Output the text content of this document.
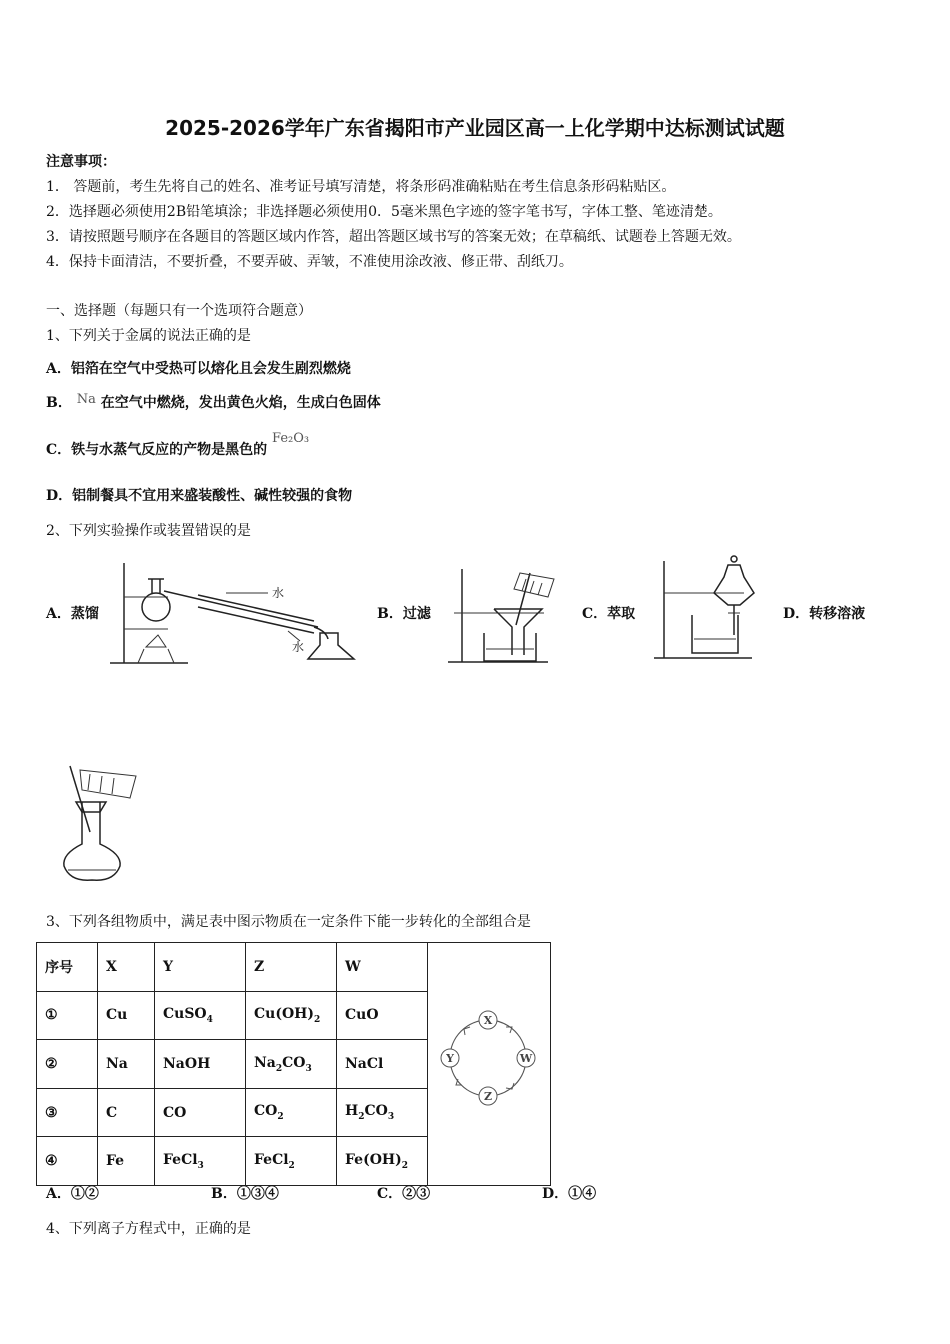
2025-2026学年广东省揭阳市产业园区高一上化学期中达标测试试题
注意事项：
1． 答题前，考生先将自己的姓名、准考证号填写清楚，将条形码准确粘贴在考生信息条形码粘贴区。
2．选择题必须使用2B铅笔填涂；非选择题必须使用0．5毫米黑色字迹的签字笔书写，字体工整、笔迹清楚。
3．请按照题号顺序在各题目的答题区域内作答，超出答题区域书写的答案无效；在草稿纸、试题卷上答题无效。
4．保持卡面清洁，不要折叠，不要弄破、弄皱，不准使用涂改液、修正带、刮纸刀。
一、选择题（每题只有一个选项符合题意）
1、下列关于金属的说法正确的是
A．铝箔在空气中受热可以熔化且会发生剧烈燃烧
B． Na 在空气中燃烧，发出黄色火焰，生成白色固体
C．铁与水蒸气反应的产物是黑色的 Fe₂O₃
D．铝制餐具不宜用来盛装酸性、碱性较强的食物
2、下列实验操作或装置错误的是
A．蒸馏	B．过滤	C．萃取	D．转移溶液
水
水
3、下列各组物质中，满足表中图示物质在一定条件下能一步转化的全部组合是
序号	X	Y	Z	W	X
Y
Z
W

①	Cu	CuSO$_4$	$Cu(OH)_2$	CuO	
②	Na	NaOH	$Na_2CO_3$	NaCl	
③	C	CO	$CO_2$	$H_2CO_3$
④	Fe	FeCl$_3$	FeCl$_2$	$Fe(OH)_2$
A．①②	B．①③④	C．②③	D．①④
4、下列离子方程式中，正确的是
